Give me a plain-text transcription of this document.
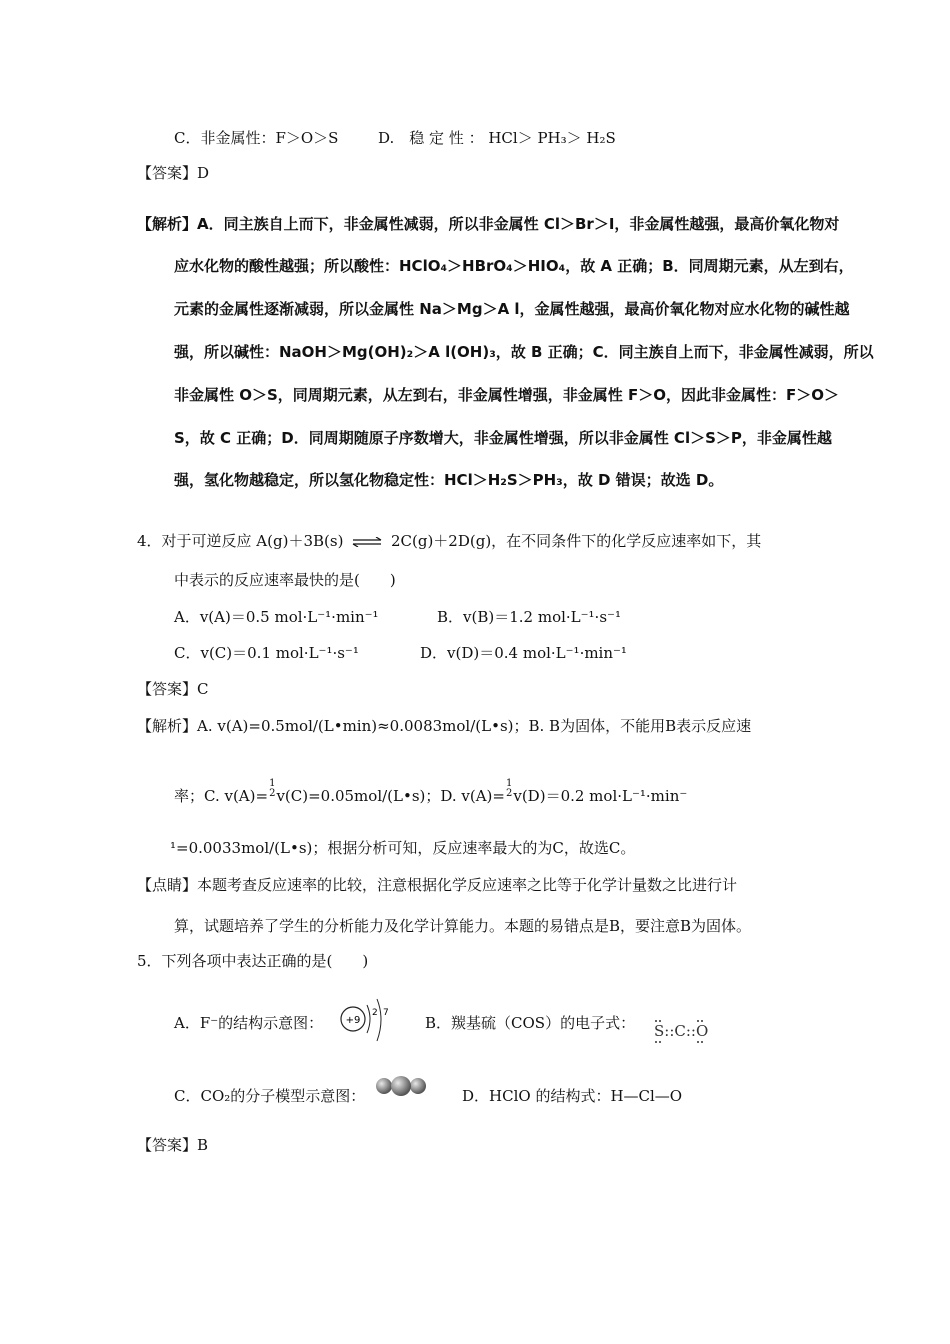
C．非金属性：F＞O＞S	D.　稳 定 性 ： HCl＞ PH₃＞ H₂S
【答案】D
【解析】A．同主族自上而下，非金属性减弱，所以非金属性 Cl＞Br＞I，非金属性越强，最高价氧化物对
应水化物的酸性越强；所以酸性：HClO₄＞HBrO₄＞HIO₄，故 A 正确；B．同周期元素，从左到右，
元素的金属性逐渐减弱，所以金属性 Na＞Mg＞A l，金属性越强，最高价氧化物对应水化物的碱性越
强，所以碱性：NaOH＞Mg(OH)₂＞A l(OH)₃，故 B 正确；C．同主族自上而下，非金属性减弱，所以
非金属性 O＞S，同周期元素，从左到右，非金属性增强，非金属性 F＞O，因此非金属性：F＞O＞
S，故 C 正确；D．同周期随原子序数增大，非金属性增强，所以非金属性 Cl＞S＞P，非金属性越
强，氢化物越稳定，所以氢化物稳定性：HCl＞H₂S＞PH₃，故 D 错误；故选 D。
4．对于可逆反应 A(g)＋3B(s) ⇌ 2C(g)＋2D(g)，在不同条件下的化学反应速率如下，其
中表示的反应速率最快的是(　　)
A．v(A)＝0.5 mol·L⁻¹·min⁻¹	B．v(B)＝1.2 mol·L⁻¹·s⁻¹
C．v(C)＝0.1 mol·L⁻¹·s⁻¹	D．v(D)＝0.4 mol·L⁻¹·min⁻¹
【答案】C
【解析】A. v(A)=0.5mol/(L•min)≈0.0083mol/(L•s)；B. B为固体，不能用B表示反应速
率；C. v(A)=
1
2 v(C)=0.05mol/(L•s)；D. v(A)=
1
2 v(D)＝0.2 mol·L⁻¹·min⁻
¹=0.0033mol/(L•s)；根据分析可知，反应速率最大的为C，故选C。
【点睛】本题考查反应速率的比较，注意根据化学反应速率之比等于化学计量数之比进行计
算，试题培养了学生的分析能力及化学计算能力。本题的易错点是B，要注意B为固体。
5．下列各项中表达正确的是(　　)
A．F⁻的结构示意图： +9
2 7
B．羰基硫（COS）的电子式： S::C::O
C．CO₂的分子模型示意图：	D．HClO 的结构式：H—Cl—O
【答案】B
